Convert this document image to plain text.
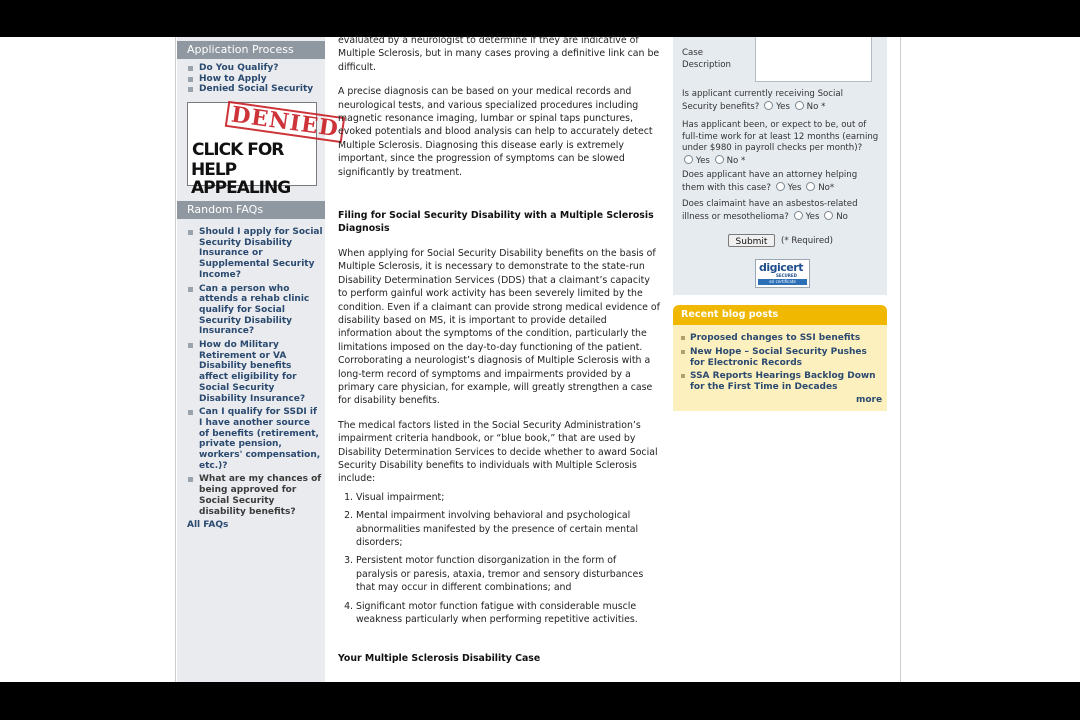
Application Process
Do You Qualify?
How to Apply
Denied Social Security
DENIED
CLICK FOR
HELP APPEALING
Random FAQs
Should I apply for Social Security Disability Insurance or Supplemental Security Income?
Can a person who attends a rehab clinic qualify for Social Security Disability Insurance?
How do Military Retirement or VA Disability benefits affect eligibility for Social Security Disability Insurance?
Can I qualify for SSDI if I have another source of benefits (retirement, private pension, workers' compensation, etc.)?
What are my chances of being approved for Social Security disability benefits?
All FAQs

evaluated by a neurologist to determine if they are indicative of Multiple Sclerosis, but in many cases proving a definitive link can be difficult.

A precise diagnosis can be based on your medical records and neurological tests, and various specialized procedures including magnetic resonance imaging, lumbar or spinal taps punctures, evoked potentials and blood analysis can help to accurately detect Multiple Sclerosis. Diagnosing this disease early is extremely important, since the progression of symptoms can be slowed significantly by treatment.

Filing for Social Security Disability with a Multiple Sclerosis Diagnosis

When applying for Social Security Disability benefits on the basis of Multiple Sclerosis, it is necessary to demonstrate to the state-run Disability Determination Services (DDS) that a claimant’s capacity to perform gainful work activity has been severely limited by the condition. Even if a claimant can provide strong medical evidence of disability based on MS, it is important to provide detailed information about the symptoms of the condition, particularly the limitations imposed on the day-to-day functioning of the patient. Corroborating a neurologist’s diagnosis of Multiple Sclerosis with a long-term record of symptoms and impairments provided by a primary care physician, for example, will greatly strengthen a case for disability benefits.

The medical factors listed in the Social Security Administration’s impairment criteria handbook, or “blue book,” that are used by Disability Determination Services to decide whether to award Social Security Disability benefits to individuals with Multiple Sclerosis include:

1. Visual impairment;
2. Mental impairment involving behavioral and psychological abnormalities manifested by the presence of certain mental disorders;
3. Persistent motor function disorganization in the form of paralysis or paresis, ataxia, tremor and sensory disturbances that may occur in different combinations; and
4. Significant motor function fatigue with considerable muscle weakness particularly when performing repetitive activities.
Your Multiple Sclerosis Disability Case
Case
Description
Is applicant currently receiving Social Security benefits? Yes No *
Has applicant been, or expect to be, out of full-time work for at least 12 months (earning under $980 in payroll checks per month)?
Yes No *
Does applicant have an attorney helping them with this case? Yes No*
Does claimaint have an asbestos-related illness or mesothelioma? Yes No
Submit	(* Required)
digicert
SECURED
ssl certificate
Recent blog posts
Proposed changes to SSI benefits
New Hope – Social Security Pushes for Electronic Records
SSA Reports Hearings Backlog Down for the First Time in Decades
more
